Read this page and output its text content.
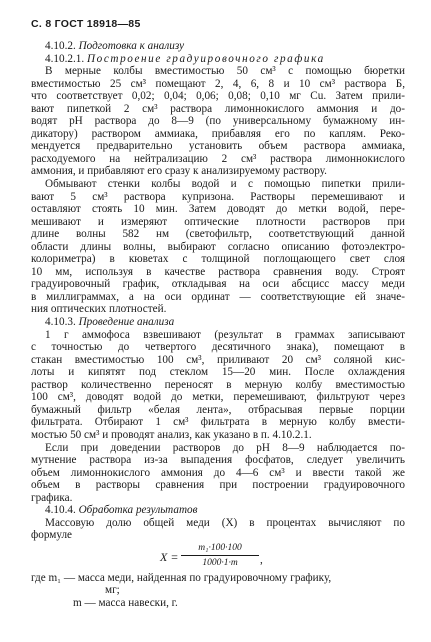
С. 8 ГОСТ 18918—85
4.10.2. Подготовка к анализу
4.10.2.1. Построение градуировочного графика
В мерные колбы вместимостью 50 см³ с помощью бюретки
вместимостью 25 см³ помещают 2, 4, 6, 8 и 10 см³ раствора Б,
что соответствует 0,02; 0,04; 0,06; 0,08; 0,10 мг Cu. Затем прили-
вают пипеткой 2 см³ раствора лимоннокислого аммония и до-
водят pH раствора до 8—9 (по универсальному бумажному ин-
дикатору) раствором аммиака, прибавляя его по каплям. Реко-
мендуется предварительно установить объем раствора аммиака,
расходуемого на нейтрализацию 2 см³ раствора лимоннокислого
аммония, и прибавляют его сразу к анализируемому раствору.
Обмывают стенки колбы водой и с помощью пипетки прили-
вают 5 см³ раствора купризона. Растворы перемешивают и
оставляют стоять 10 мин. Затем доводят до метки водой, пере-
мешивают и измеряют оптические плотности растворов при
длине волны 582 нм (светофильтр, соответствующий данной
области длины волны, выбирают согласно описанию фотоэлектро-
колориметра) в кюветах с толщиной поглощающего свет слоя
10 мм, используя в качестве раствора сравнения воду. Строят
градуировочный график, откладывая на оси абсцисс массу меди
в миллиграммах, а на оси ординат — соответствующие ей значе-
ния оптических плотностей.
4.10.3. Проведение анализа
1 г аммофоса взвешивают (результат в граммах записывают
с точностью до четвертого десятичного знака), помещают в
стакан вместимостью 100 см³, приливают 20 см³ соляной кис-
лоты и кипятят под стеклом 15—20 мин. После охлаждения
раствор количественно переносят в мерную колбу вместимостью
100 см³, доводят водой до метки, перемешивают, фильтруют через
бумажный фильтр «белая лента», отбрасывая первые порции
фильтрата. Отбирают 1 см³ фильтрата в мерную колбу вмести-
мостью 50 см³ и проводят анализ, как указано в п. 4.10.2.1.
Если при доведении растворов до pH 8—9 наблюдается по-
мутнение раствора из-за выпадения фосфатов, следует увеличить
объем лимоннокислого аммония до 4—6 см³ и ввести такой же
объем в растворы сравнения при построении градуировочного
графика.
4.10.4. Обработка результатов
Массовую долю общей меди (X) в процентах вычисляют по
формуле
$X = \frac{\text{m₁·100·100}}{1000\cdot 1\cdot m}$ ,
где m₁ — масса меди, найденная по градуировочному графику,
мг;
m — масса навески, г.
